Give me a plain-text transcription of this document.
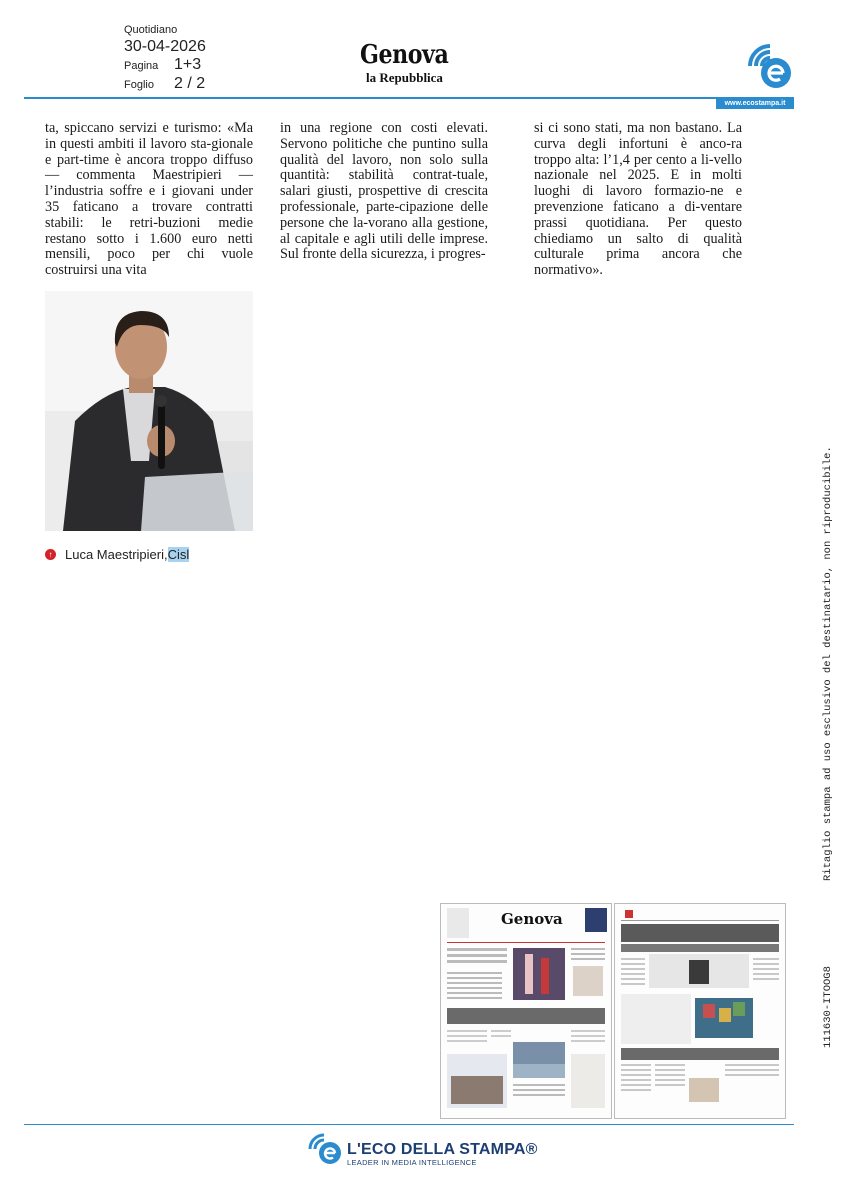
Quotidiano
30-04-2026
Pagina 1+3
Foglio 2 / 2
Genova
la Repubblica
www.ecostampa.it

ta, spiccano servizi e turismo: «Ma in questi ambiti il lavoro sta-gionale e part-time è ancora troppo diffuso — commenta Maestripieri — l’industria soffre e i giovani under 35 faticano a trovare contratti stabili: le retri-buzioni medie restano sotto i 1.600 euro netti mensili, poco per chi vuole costruirsi una vita

in una regione con costi elevati. Servono politiche che puntino sulla qualità del lavoro, non solo sulla quantità: stabilità contrat-tuale, salari giusti, prospettive di crescita professionale, parte-cipazione delle persone che la-vorano alla gestione, al capitale e agli utili delle imprese. Sul fronte della sicurezza, i progres-

si ci sono stati, ma non bastano. La curva degli infortuni è anco-ra troppo alta: l’1,4 per cento a li-vello nazionale nel 2025. E in molti luoghi di lavoro formazio-ne e prevenzione faticano a di-ventare prassi quotidiana. Per questo chiediamo un salto di qualità culturale prima ancora che normativo».

↑ Luca Maestripieri, Cisl	Ritaglio stampa ad uso esclusivo del destinatario, non riproducibile.
111630-ITOOG8
Genova
L'ECO DELLA STAMPA®
LEADER IN MEDIA INTELLIGENCE
